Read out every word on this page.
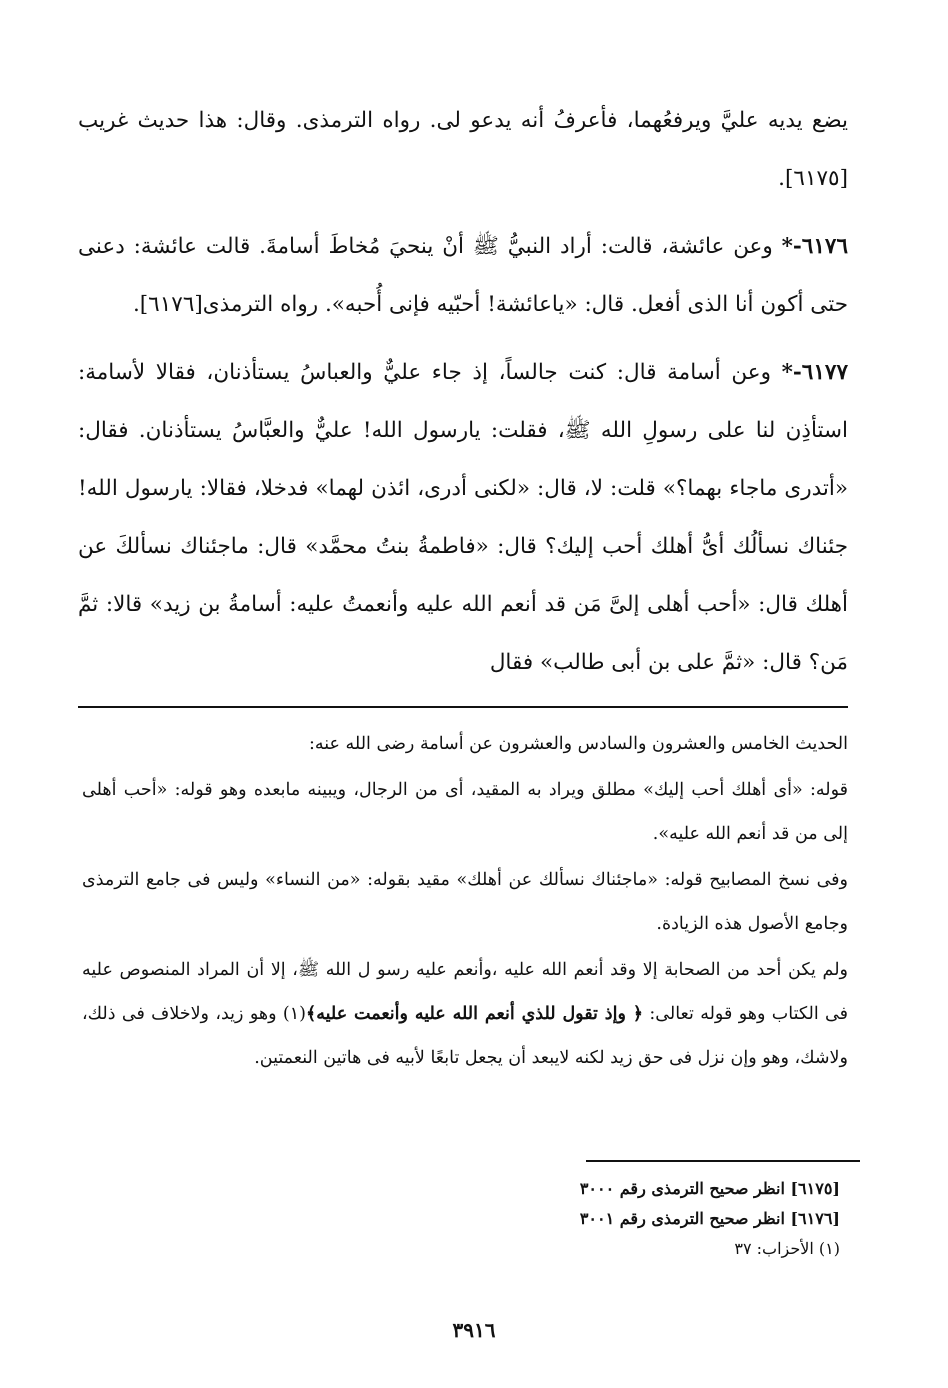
يضع يديه عليَّ ويرفعُهما، فأعرفُ أنه يدعو لى. رواه الترمذى. وقال: هذا حديث غريب [٦١٧٥].

٦١٧٦-* وعن عائشة، قالت: أراد النبيُّ ﷺ أنْ ينحيَ مُخاطَ أسامةَ. قالت عائشة: دعنى حتى أكون أنا الذى أفعل. قال: «ياعائشة! أحبّيه فإنى أُحبه». رواه الترمذى[٦١٧٦].

٦١٧٧-* وعن أسامة قال: كنت جالساً، إذ جاء عليٌّ والعباسُ يستأذنان، فقالا لأسامة: استأذِن لنا على رسولِ الله ﷺ، فقلت: يارسول الله! عليٌّ والعبَّاسُ يستأذنان. فقال: «أتدرى ماجاء بهما؟» قلت: لا، قال: «لكنى أدرى، ائذن لهما» فدخلا، فقالا: يارسول الله! جئناك نسألُك أىُّ أهلك أحب إليك؟ قال: «فاطمةُ بنتُ محمَّد» قال: ماجئناك نسألكَ عن أهلك قال: «أحب أهلى إلىَّ مَن قد أنعم الله عليه وأنعمتُ عليه: أسامةُ بن زيد» قالا: ثمَّ مَن؟ قال: «ثمَّ على بن أبى طالب» فقال

الحديث الخامس والعشرون والسادس والعشرون عن أسامة رضى الله عنه:

قوله: «أى أهلك أحب إليك» مطلق ويراد به المقيد، أى من الرجال، ويبينه مابعده وهو قوله: «أحب أهلى إلى من قد أنعم الله عليه».

وفى نسخ المصابيح قوله: «ماجئناك نسألك عن أهلك» مقيد بقوله: «من النساء» وليس فى جامع الترمذى وجامع الأصول هذه الزيادة.

ولم يكن أحد من الصحابة إلا وقد أنعم الله عليه ،وأنعم عليه رسو ل الله ﷺ، إلا أن المراد المنصوص عليه فى الكتاب وهو قوله تعالى: ﴿ وإذ تقول للذي أنعم الله عليه وأنعمت عليه﴾(١) وهو زيد، ولاخلاف فى ذلك، ولاشك، وهو وإن نزل فى حق زيد لكنه لايبعد أن يجعل تابعًا لأبيه فى هاتين النعمتين.

[٦١٧٥] انظر صحيح الترمذى رقم ٣٠٠٠
[٦١٧٦] انظر صحيح الترمذى رقم ٣٠٠١
(١) الأحزاب: ٣٧
٣٩١٦
